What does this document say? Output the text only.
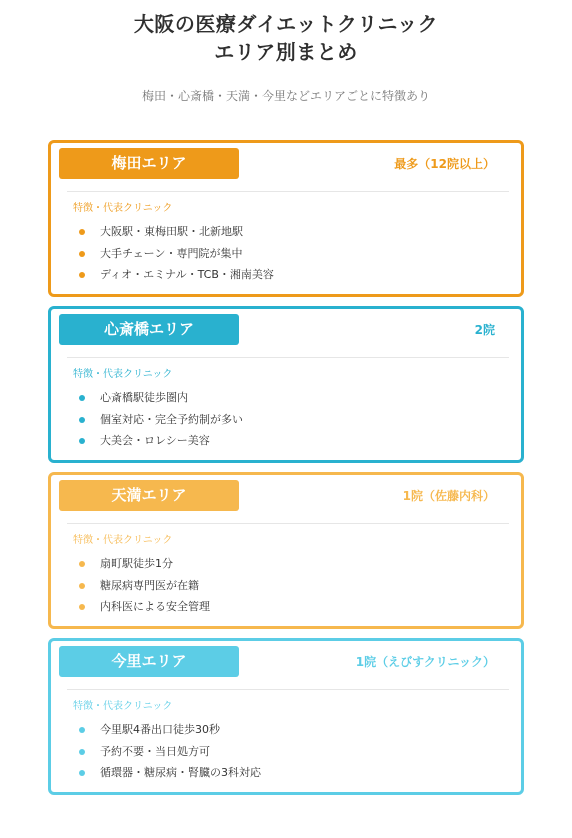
大阪の医療ダイエットクリニック
エリア別まとめ
梅田・心斎橋・天満・今里などエリアごとに特徴あり
梅田エリア	最多（12院以上）
特徴・代表クリニック
大阪駅・東梅田駅・北新地駅
大手チェーン・専門院が集中
ディオ・エミナル・TCB・湘南美容
心斎橋エリア	2院
特徴・代表クリニック
心斎橋駅徒歩圏内
個室対応・完全予約制が多い
大美会・ロレシー美容
天満エリア	1院（佐藤内科）
特徴・代表クリニック
扇町駅徒歩1分
糖尿病専門医が在籍
内科医による安全管理
今里エリア	1院（えびすクリニック）
特徴・代表クリニック
今里駅4番出口徒歩30秒
予約不要・当日処方可
循環器・糖尿病・腎臓の3科対応
